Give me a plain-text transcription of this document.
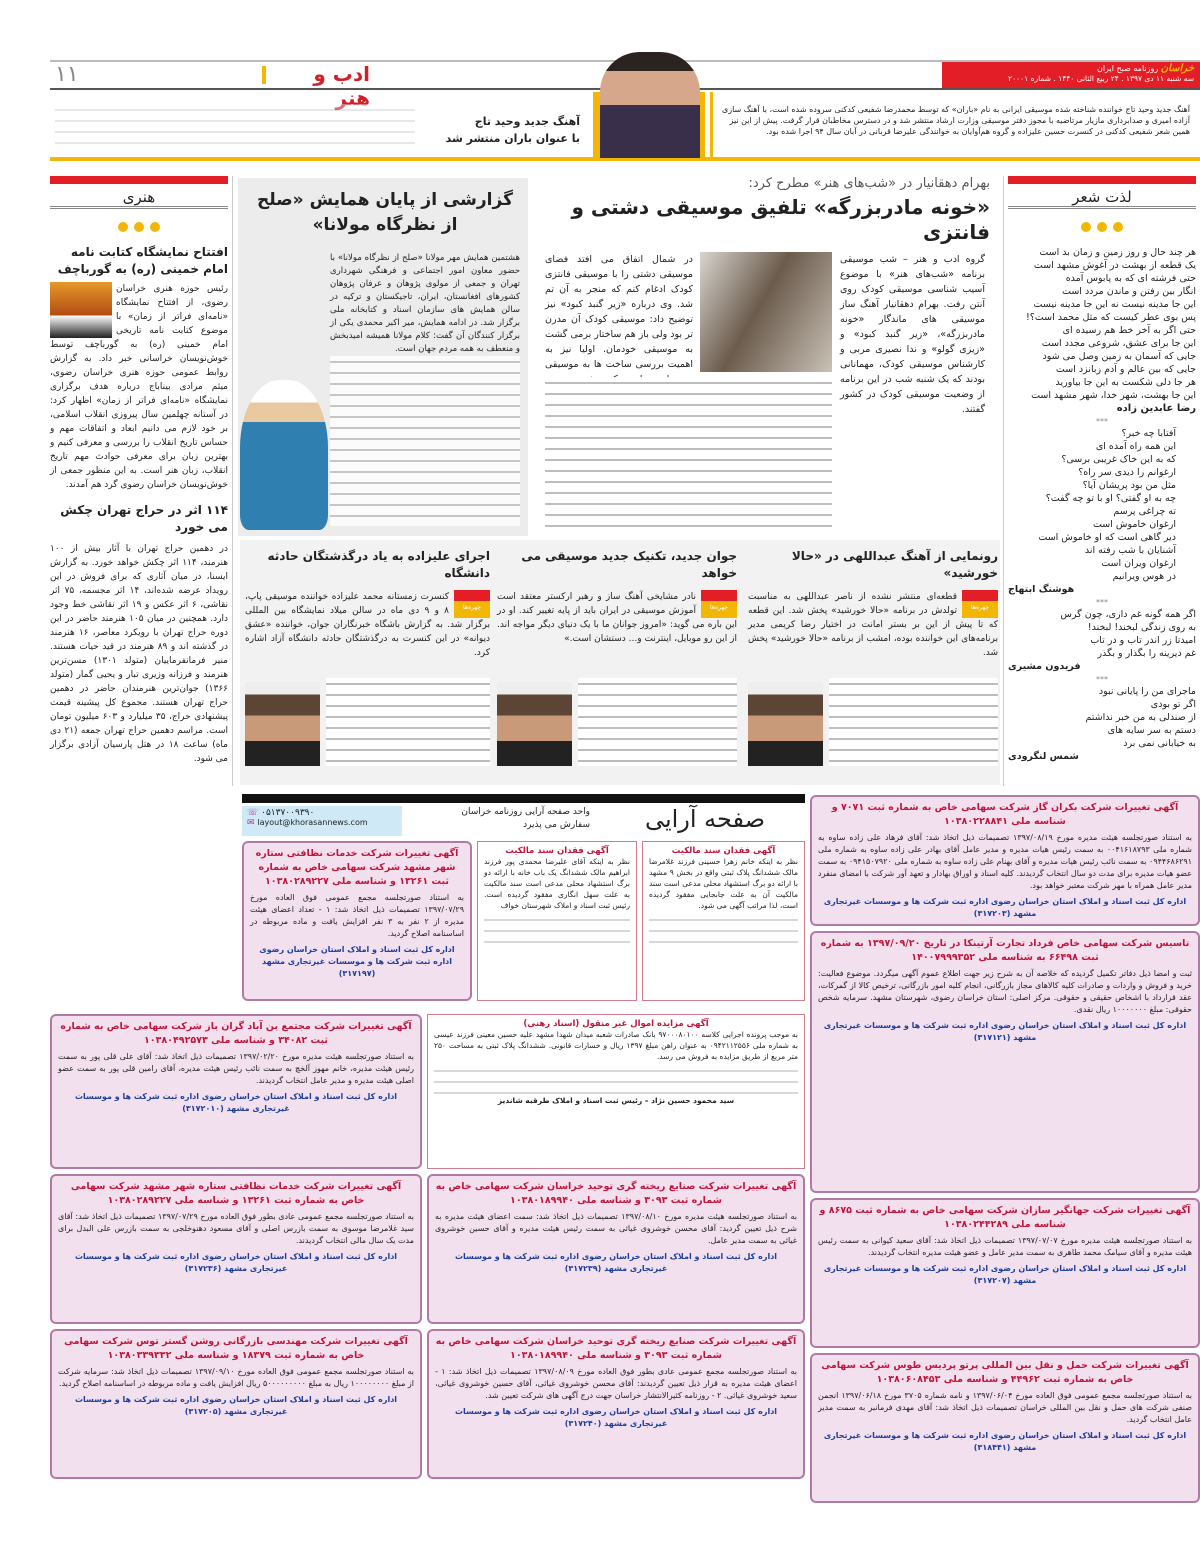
۱۱	ادب و هنر
خراسان روزنامه صبح ایران
سه شنبه ۱۱ دی ۱۳۹۷ . ۲۴ ربیع الثانی ۱۴۴۰ . شماره ۲۰۰۰۱
آهنگ جدید وحید تاج خواننده شناخته شده موسیقی ایرانی به نام «باران» که توسط محمدرضا شفیعی کدکنی سروده شده است، با آهنگ سازی آزاده امیری و صدابرداری مازیار مرتاضیه با مجوز دفتر موسیقی وزارت ارشاد منتشر شد و در دسترس مخاطبان قرار گرفت. پیش از این نیز همین شعر شفیعی کدکنی در کنسرت حسین علیزاده و گروه هم‌آوایان به خوانندگی علیرضا قربانی در آبان سال ۹۴ اجرا شده بود.
آهنگ جدید وحید تاج
با عنوان باران منتشر شد
لذت شعر
هر چند حال و روز زمین و زمان بد است
یک قطعه از بهشت در آغوش مشهد است
حتی فرشته ای که به پابوس آمده
انگار بین رفتن و ماندن مردد است
این جا مدینه نیست نه این جا مدینه نیست
پس بوی عطر کیست که مثل محمد است؟!
حتی اگر به آخر خط هم رسیده ای
این جا برای عشق، شروعی مجدد است
جایی که آسمان به زمین وصل می شود
جایی که بین عالم و آدم زبانزد است
هر جا دلی شکست به این جا بیاورید
این جا بهشت، شهر خدا، شهر مشهد است
رضا عابدین زاده
***
آفتابا چه خبر؟
این همه راه آمده ای
که به این خاک غریبی برسی؟
ارغوانم را دیدی سر راه؟
مثل من بود پریشان آیا؟
چه به او گفتی؟ او با تو چه گفت؟
ته چراغی پرسم
ارغوان خاموش است
دیر گاهی است که او خاموش است
آشنایان با شب رفته اند
ارغوان ویران است
در هوس ویرانیم
هوشنگ ابتهاج
***
اگر همه گونه غم داری، چون گرس
به روی زندگی لبخند! لبخند!
امیدتا زر اندر تاب و در تاب
غم دیرینه را بگذار و بگذر
فریدون مشیری
***
ماجرای من را پایانی نبود
اگر تو بودی
از صندلی به من خبر نداشتم
دستم به سر سایه های
به خیابانی نمی برد
شمس لنگرودی
بهرام دهقانیار در «شب‌های هنر» مطرح کرد:
«خونه مادربزرگه» تلفیق موسیقی دشتی و فانتزی
گروه ادب و هنر – شب موسیقی برنامه «شب‌های هنر» با موضوع آسیب شناسی موسیقی کودک روی آنتن رفت. بهرام دهقانیار آهنگ ساز موسیقی های ماندگار «خونه مادربزرگه»، «زیر گنبد کبود» و «زیزی گولو» و ندا نصیری مربی و کارشناس موسیقی کودک، مهمانانی بودند که یک شنبه شب در این برنامه از وضعیت موسیقی کودک در کشور گفتند.
در شمال اتفاق می افتد فضای موسیقی دشتی را با موسیقی فانتزی کودک ادغام کنم که منجر به آن تم شد. وی درباره «زیر گنبد کبود» نیز توضیح داد: موسیقی کودک آن مدرن تر بود ولی باز هم ساختار برمی گشت به موسیقی خودمان. اولیا نیز به اهمیت بررسی ساخت ها به موسیقی
گزارشی از پایان همایش «صلح از نظرگاه مولانا»
هشتمین همایش مهر مولانا «صلح از نظرگاه مولانا» با حضور معاون امور اجتماعی و فرهنگی شهرداری تهران و جمعی از مولوی پژوهان و عرفان پژوهان کشورهای افغانستان، ایران، تاجیکستان و ترکیه در سالن همایش های سازمان اسناد و کتابخانه ملی برگزار شد. در ادامه همایش، میر اکبر محمدی یکی از برگزار کنندگان آن گفت: کلام مولانا همیشه امیدبخش و منعطف به همه مردم جهان است.
هنری
افتتاح نمایشگاه کتابت نامه امام خمینی (ره) به گورباچف
رئیس حوزه هنری خراسان رضوی، از افتتاح نمایشگاه «نامه‌ای فراتر از زمان» با موضوع کتابت نامه تاریخی امام خمینی (ره) به گورباچف توسط خوش‌نویسان خراسانی خبر داد. به گزارش روابط عمومی حوزه هنری خراسان رضوی، میثم مرادی بیناباج درباره هدف برگزاری نمایشگاه «نامه‌ای فراتر از زمان» اظهار کرد: در آستانه چهلمین سال پیروزی انقلاب اسلامی، بر خود لازم می دانیم ابعاد و اتفاقات مهم و حساس تاریخ انقلاب را بررسی و معرفی کنیم و بهترین زبان برای معرفی حوادث مهم تاریخ انقلاب، زبان هنر است. به این منظور جمعی از خوش‌نویسان خراسان رضوی گرد هم آمدند.
۱۱۴ اثر در حراج تهران چکش می خورد
در دهمین حراج تهران با آثار بیش از ۱۰۰ هنرمند، ۱۱۴ اثر چکش خواهد خورد. به گزارش ایسنا، در میان آثاری که برای فروش در این رویداد عرضه شده‌اند، ۱۴ اثر مجسمه، ۷۵ اثر نقاشی، ۶ اثر عکس و ۱۹ اثر نقاشی خط وجود دارد. همچنین در میان ۱۰۵ هنرمند حاضر در این دوره حراج تهران با رویکرد معاصر، ۱۶ هنرمند در گذشته اند و ۸۹ هنرمند در قید حیات هستند. منیر فرمانفرماییان (متولد ۱۳۰۱) مسن‌ترین هنرمند و فرزانه وزیری تبار و یحیی گمار (متولد ۱۳۶۶) جوان‌ترین هنرمندان حاضر در دهمین حراج تهران هستند. مجموع کل پیشینه قیمت پیشنهادی حراج، ۳۵ میلیارد و ۶۰۳ میلیون تومان است. مراسم دهمین حراج تهران جمعه (۲۱ دی ماه) ساعت ۱۸ در هتل پارسیان آزادی برگزار می شود.
رونمایی از آهنگ عبداللهی در «حالا خورشید»
چهره‌ها
قطعه‌ای منتشر نشده از ناصر عبداللهی به مناسبت تولدش در برنامه «حالا خورشید» پخش شد. این قطعه که تا پیش از این بر بستر امانت در اختیار رضا کریمی مدیر برنامه‌های این خواننده بوده، امشب از برنامه «حالا خورشید» پخش شد.
جوان جدید، تکنیک جدید موسیقی می خواهد
چهره‌ها
نادر مشایخی آهنگ ساز و رهبر ارکستر معتقد است آموزش موسیقی در ایران باید از پایه تغییر کند. او در این باره می گوید: «امروز جوانان ما با یک دنیای دیگر مواجه اند. از این رو موبایل، اینترنت و... دستشان است.»
اجرای علیزاده به یاد درگذشتگان حادثه دانشگاه
چهره‌ها
کنسرت زمستانه محمد علیزاده خواننده موسیقی پاپ، ۸ و ۹ دی ماه در سالن میلاد نمایشگاه بین المللی برگزار شد. به گزارش باشگاه خبرنگاران جوان، خواننده «عشق دیوانه» در این کنسرت به درگذشتگان حادثه دانشگاه آزاد اشاره کرد.
☏ ۰۵۱۳۷۰۰۹۳۹۰
✉ layout@khorasannews.com
واحد صفحه آرایی روزنامه خراسان
سفارش می پذیرد	صفحه آرایی	آگهی تغییرات شرکت بکران گاز شرکت سهامی خاص به شماره ثبت ۷۰۷۱ و شناسه ملی ۱۰۳۸۰۲۲۸۸۴۱
به استناد صورتجلسه هیئت مدیره مورخ ۱۳۹۷/۰۸/۱۹ تصمیمات ذیل اتخاذ شد: آقای فرهاد علی زاده ساوه به شماره ملی ۰۰۴۱۶۱۸۷۹۳ به سمت رئیس هیات مدیره و مدیر عامل آقای بهادر علی زاده ساوه به شماره ملی ۰۹۴۴۶۸۶۲۹۱ به سمت نائب رئیس هیات مدیره و آقای بهنام علی زاده ساوه به شماره ملی ۰۹۴۱۵۰۷۹۲۰ به سمت عضو هیات مدیره برای مدت دو سال انتخاب گردیدند. کلیه اسناد و اوراق بهادار و تعهد آور شرکت با امضای منفرد مدیر عامل همراه با مهر شرکت معتبر خواهد بود.
اداره کل ثبت اسناد و املاک استان خراسان رضوی اداره ثبت شرکت ها و موسسات غیرتجاری مشهد (۳۱۷۲۰۳)
تاسیس شرکت سهامی خاص فرداد تجارت آرتینکا در تاریخ ۱۳۹۷/۰۹/۲۰ به شماره ثبت ۶۶۴۹۸ به شناسه ملی ۱۴۰۰۷۹۹۹۳۵۲
ثبت و امضا ذیل دفاتر تکمیل گردیده که خلاصه آن به شرح زیر جهت اطلاع عموم آگهی میگردد. موضوع فعالیت: خرید و فروش و واردات و صادرات کلیه کالاهای مجاز بازرگانی، انجام کلیه امور بازرگانی، ترخیص کالا از گمرکات، عقد قرارداد با اشخاص حقیقی و حقوقی. مرکز اصلی: استان خراسان رضوی، شهرستان مشهد. سرمایه شخص حقوقی: مبلغ ۱۰۰۰۰۰۰۰ ریال نقدی.
اداره کل ثبت اسناد و املاک استان خراسان رضوی اداره ثبت شرکت ها و موسسات غیرتجاری مشهد (۳۱۷۱۲۱)
آگهی تغییرات شرکت جهانگیر سازان شرکت سهامی خاص به شماره ثبت ۸۶۷۵ و شناسه ملی ۱۰۳۸۰۲۴۴۲۸۹
به استناد صورتجلسه هیئت مدیره مورخ ۱۳۹۷/۰۷/۰۷ تصمیمات ذیل اتخاذ شد: آقای سعید کیوانی به سمت رئیس هیئت مدیره و آقای سیامک محمد طاهری به سمت مدیر عامل و عضو هیئت مدیره انتخاب گردیدند.
اداره کل ثبت اسناد و املاک استان خراسان رضوی اداره ثبت شرکت ها و موسسات غیرتجاری مشهد (۳۱۷۲۰۷)
آگهی تغییرات شرکت حمل و نقل بین المللی پرتو پردیس طوس شرکت سهامی خاص به شماره ثبت ۴۴۹۶۲ و شناسه ملی ۱۰۳۸۰۶۰۸۴۵۳
به استناد صورتجلسه مجمع عمومی فوق العاده مورخ ۱۳۹۷/۰۶/۰۴ و نامه شماره ۳۷۰۵ مورخ ۱۳۹۷/۰۶/۱۸ انجمن صنفی شرکت های حمل و نقل بین المللی خراسان تصمیمات ذیل اتخاذ شد: آقای مهدی فرمانبر به سمت مدیر عامل انتخاب گردید.
اداره کل ثبت اسناد و املاک استان خراسان رضوی اداره ثبت شرکت ها و موسسات غیرتجاری مشهد (۳۱۸۴۴۱)
آگهی فقدان سند مالکیت
نظر به اینکه خانم زهرا حسینی فرزند غلامرضا مالک ششدانگ پلاک ثبتی واقع در بخش ۹ مشهد با ارائه دو برگ استشهاد محلی مدعی است سند مالکیت آن به علت جابجایی مفقود گردیده است، لذا مراتب آگهی می شود.
آگهی فقدان سند مالکیت
نظر به اینکه آقای علیرضا محمدی پور فرزند ابراهیم مالک ششدانگ یک باب خانه با ارائه دو برگ استشهاد محلی مدعی است سند مالکیت به علت سهل انگاری مفقود گردیده است. رئیس ثبت اسناد و املاک شهرستان خواف
آگهی تغییرات شرکت خدمات نظافتی ستاره شهر مشهد شرکت سهامی خاص به شماره ثبت ۱۳۲۶۱ و شناسه ملی ۱۰۳۸۰۲۸۹۲۲۷
به استناد صورتجلسه مجمع عمومی فوق العاده مورخ ۱۳۹۷/۰۷/۲۹ تصمیمات ذیل اتخاذ شد: ۱ - تعداد اعضای هیئت مدیره از ۲ نفر به ۳ نفر افزایش یافت و ماده مربوطه در اساسنامه اصلاح گردید.
اداره کل ثبت اسناد و املاک استان خراسان رضوی اداره ثبت شرکت ها و موسسات غیرتجاری مشهد (۳۱۷۱۹۷)
آگهی مزایده اموال غیر منقول (اسناد رهنی)
به موجب پرونده اجرایی کلاسه ۹۷۰۰۰۸۰۱۰۰ بانک صادرات شعبه میدان شهدا مشهد علیه حسین معینی فرزند عیسی به شماره ملی ۰۹۴۲۱۱۲۵۵۶ به عنوان راهن مبلغ ۱۳۹۷ ریال و خسارات قانونی. ششدانگ پلاک ثبتی به مساحت ۲۵۰ متر مربع از طریق مزایده به فروش می رسد.
سید محمود حسین نژاد – رئیس ثبت اسناد و املاک طرقبه شاندیز
آگهی تغییرات شرکت مجتمع بن آباد گران باز شرکت سهامی خاص به شماره ثبت ۳۴۰۸۲ و شناسه ملی ۱۰۳۸۰۴۹۲۵۷۳
به استناد صورتجلسه هیئت مدیره مورخ ۱۳۹۷/۰۲/۲۰ تصمیمات ذیل اتخاذ شد: آقای علی قلی پور به سمت رئیس هیئت مدیره، خانم مهوز آلخچ به سمت نائب رئیس هیئت مدیره، آقای رامین قلی پور به سمت عضو اصلی هیئت مدیره و مدیر عامل انتخاب گردیدند.
اداره کل ثبت اسناد و املاک استان خراسان رضوی اداره ثبت شرکت ها و موسسات غیرتجاری مشهد (۳۱۷۲۰۱۰)
آگهی تغییرات شرکت صنایع ریخته گری توحید خراسان شرکت سهامی خاص به شماره ثبت ۳۰۹۳ و شناسه ملی ۱۰۳۸۰۱۸۹۹۴۰
به استناد صورتجلسه هیئت مدیره مورخ ۱۳۹۷/۰۸/۱۰ تصمیمات ذیل اتخاذ شد: سمت اعضای هیئت مدیره به شرح ذیل تعیین گردید: آقای محسن خوشروی غیاثی به سمت رئیس هیئت مدیره و آقای حسین خوشروی غیاثی به سمت مدیر عامل.
اداره کل ثبت اسناد و املاک استان خراسان رضوی اداره ثبت شرکت ها و موسسات غیرتجاری مشهد (۳۱۷۲۳۹)
آگهی تغییرات شرکت خدمات نظافتی ستاره شهر مشهد شرکت سهامی خاص به شماره ثبت ۱۳۲۶۱ و شناسه ملی ۱۰۳۸۰۲۸۹۲۲۷
به استناد صورتجلسه مجمع عمومی عادی بطور فوق العاده مورخ ۱۳۹۷/۰۷/۲۹ تصمیمات ذیل اتخاذ شد: آقای سید غلامرضا موسوی به سمت بازرس اصلی و آقای مسعود دهنوخلجی به سمت بازرس علی البدل برای مدت یک سال مالی انتخاب گردیدند.
اداره کل ثبت اسناد و املاک استان خراسان رضوی اداره ثبت شرکت ها و موسسات غیرتجاری مشهد (۳۱۷۲۳۶)
آگهی تغییرات شرکت صنایع ریخته گری توحید خراسان شرکت سهامی خاص به شماره ثبت ۳۰۹۳ و شناسه ملی ۱۰۳۸۰۱۸۹۹۴۰
به استناد صورتجلسه مجمع عمومی عادی بطور فوق العاده مورخ ۱۳۹۷/۰۸/۰۹ تصمیمات ذیل اتخاذ شد: ۱ - اعضای هیئت مدیره به قرار ذیل تعیین گردیدند: آقای محسن خوشروی غیاثی، آقای حسین خوشروی غیاثی، سعید خوشروی غیاثی. ۲ - روزنامه کثیرالانتشار خراسان جهت درج آگهی های شرکت تعیین شد.
اداره کل ثبت اسناد و املاک استان خراسان رضوی اداره ثبت شرکت ها و موسسات غیرتجاری مشهد (۳۱۷۲۴۰)
آگهی تغییرات شرکت مهندسی بازرگانی روشن گستر توس شرکت سهامی خاص به شماره ثبت ۱۸۳۷۹ و شناسه ملی ۱۰۳۸۰۳۳۹۳۳۲
به استناد صورتجلسه مجمع عمومی فوق العاده مورخ ۱۳۹۷/۰۹/۱۰ تصمیمات ذیل اتخاذ شد: سرمایه شرکت از مبلغ ۱۰۰۰۰۰۰۰۰ ریال به مبلغ ۵۰۰۰۰۰۰۰۰۰ ریال افزایش یافت و ماده مربوطه در اساسنامه اصلاح گردید.
اداره کل ثبت اسناد و املاک استان خراسان رضوی اداره ثبت شرکت ها و موسسات غیرتجاری مشهد (۳۱۷۲۰۵)
